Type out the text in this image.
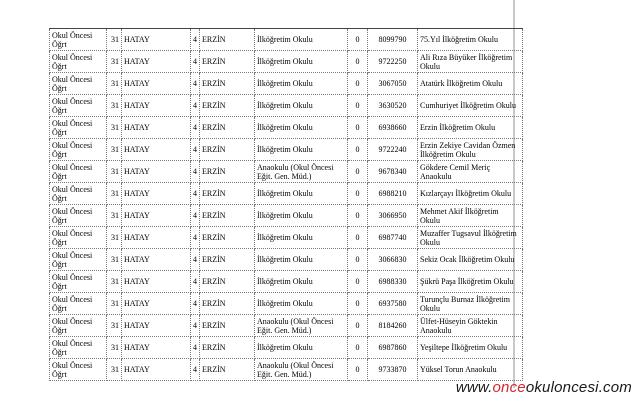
Okul Öncesi Öğrt	31	HATAY	4	ERZİN	İlköğretim Okulu	0	8099790	75.Yıl İlköğretim Okulu
Okul Öncesi Öğrt	31	HATAY	4	ERZİN	İlköğretim Okulu	0	9722250	Ali Rıza Büyüker İlköğretim Okulu
Okul Öncesi Öğrt	31	HATAY	4	ERZİN	İlköğretim Okulu	0	3067050	Atatürk İlköğretim Okulu
Okul Öncesi Öğrt	31	HATAY	4	ERZİN	İlköğretim Okulu	0	3630520	Cumhuriyet İlköğretim Okulu
Okul Öncesi Öğrt	31	HATAY	4	ERZİN	İlköğretim Okulu	0	6938660	Erzin İlköğretim Okulu
Okul Öncesi Öğrt	31	HATAY	4	ERZİN	İlköğretim Okulu	0	9722240	Erzin Zekiye Cavidan Özmen İlköğretim Okulu
Okul Öncesi Öğrt	31	HATAY	4	ERZİN	Anaokulu (Okul Öncesi Eğit. Gen. Müd.)	0	9678340	Gökdere Cemil Meriç Anaokulu
Okul Öncesi Öğrt	31	HATAY	4	ERZİN	İlköğretim Okulu	0	6988210	Kızlarçayı İlköğretim Okulu
Okul Öncesi Öğrt	31	HATAY	4	ERZİN	İlköğretim Okulu	0	3066950	Mehmet Akif İlköğretim Okulu
Okul Öncesi Öğrt	31	HATAY	4	ERZİN	İlköğretim Okulu	0	6987740	Muzaffer Tugsavul İlköğretim Okulu
Okul Öncesi Öğrt	31	HATAY	4	ERZİN	İlköğretim Okulu	0	3066830	Sekiz Ocak İlköğretim Okulu
Okul Öncesi Öğrt	31	HATAY	4	ERZİN	İlköğretim Okulu	0	6988330	Şükrü Paşa İlköğretim Okulu
Okul Öncesi Öğrt	31	HATAY	4	ERZİN	İlköğretim Okulu	0	6937580	Turunçlu Burnaz İlköğretim Okulu
Okul Öncesi Öğrt	31	HATAY	4	ERZİN	Anaokulu (Okul Öncesi Eğit. Gen. Müd.)	0	8184260	Ülfet-Hüseyin Göktekin Anaokulu
Okul Öncesi Öğrt	31	HATAY	4	ERZİN	İlköğretim Okulu	0	6987860	Yeşiltepe İlköğretim Okulu
Okul Öncesi Öğrt	31	HATAY	4	ERZİN	Anaokulu (Okul Öncesi Eğit. Gen. Müd.)	0	9733870	Yüksel Torun Anaokulu
www.onceokuloncesi.com
